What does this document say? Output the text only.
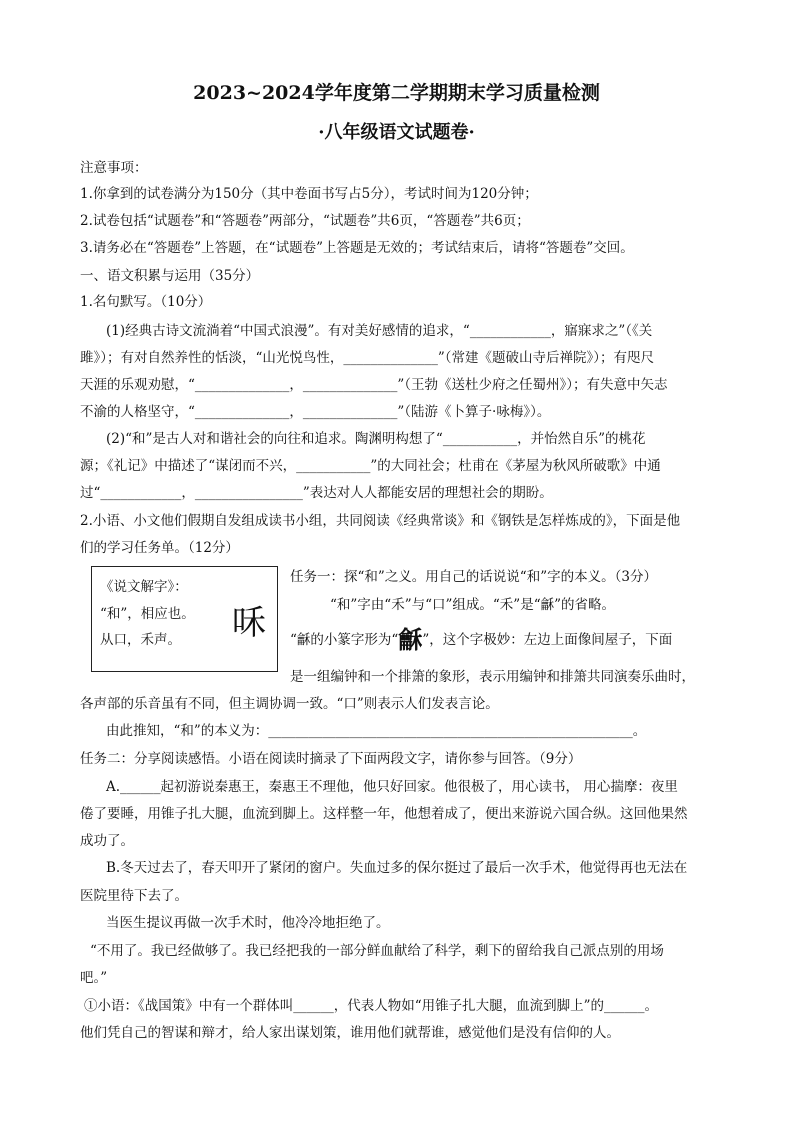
2023~2024学年度第二学期期末学习质量检测
·八年级语文试题卷·
注意事项：
1.你拿到的试卷满分为150分（其中卷面书写占5分），考试时间为120分钟；
2.试卷包括“试题卷”和“答题卷”两部分，“试题卷”共6页，“答题卷”共6页；
3.请务必在“答题卷”上答题，在“试题卷”上答题是无效的；考试结束后，请将“答题卷”交回。
一、语文积累与运用（35分）
1.名句默写。（10分）
(1)经典古诗文流淌着“中国式浪漫”。有对美好感情的追求，“____________，寤寐求之”（《关
雎》）；有对自然养性的恬淡，“山光悦鸟性，______________”（常建《题破山寺后禅院》）；有咫尺
天涯的乐观劝慰，“______________，______________”（王勃《送杜少府之任蜀州》）；有失意中矢志
不渝的人格坚守，“______________，______________”（陆游《卜算子·咏梅》）。
(2)“和”是古人对和谐社会的向往和追求。陶渊明构想了“___________，并怡然自乐”的桃花
源；《礼记》中描述了“谋闭而不兴，___________”的大同社会；杜甫在《茅屋为秋风所破歌》中通
过“____________，________________”表达对人人都能安居的理想社会的期盼。
2.小语、小文他们假期自发组成读书小组，共同阅读《经典常谈》和《钢铁是怎样炼成的》，下面是他
们的学习任务单。（12分）
《说文解字》：
“和”，相应也。
从口，禾声。 咊
任务一：探“和”之义。用自己的话说说“和”字的本义。（3分）
“和”字由“禾”与“口”组成。“禾”是“龢”的省略。
“龢的小篆字形为“龢”，这个字极妙：左边上面像间屋子，下面
是一组编钟和一个排箫的象形，表示用编钟和排箫共同演奏乐曲时，
各声部的乐音虽有不同，但主调协调一致。“口”则表示人们发表言论。
由此推知，“和”的本义为：______________________________________________________。
任务二：分享阅读感悟。小语在阅读时摘录了下面两段文字，请你参与回答。（9分）
A.______起初游说秦惠王，秦惠王不理他，他只好回家。他很极了，用心读书， 用心揣摩：夜里
倦了要睡，用锥子扎大腿，血流到脚上。这样整一年，他想着成了，便出来游说六国合纵。这回他果然
成功了。
B.冬天过去了，春天叩开了紧闭的窗户。失血过多的保尔挺过了最后一次手术，他觉得再也无法在
医院里待下去了。
当医生提议再做一次手术时，他冷冷地拒绝了。
“不用了。我已经做够了。我已经把我的一部分鲜血献给了科学，剩下的留给我自己派点别的用场
吧。”
①小语：《战国策》中有一个群体叫______，代表人物如“用锥子扎大腿，血流到脚上”的______。
他们凭自己的智谋和辩才，给人家出谋划策，谁用他们就帮谁，感觉他们是没有信仰的人。
